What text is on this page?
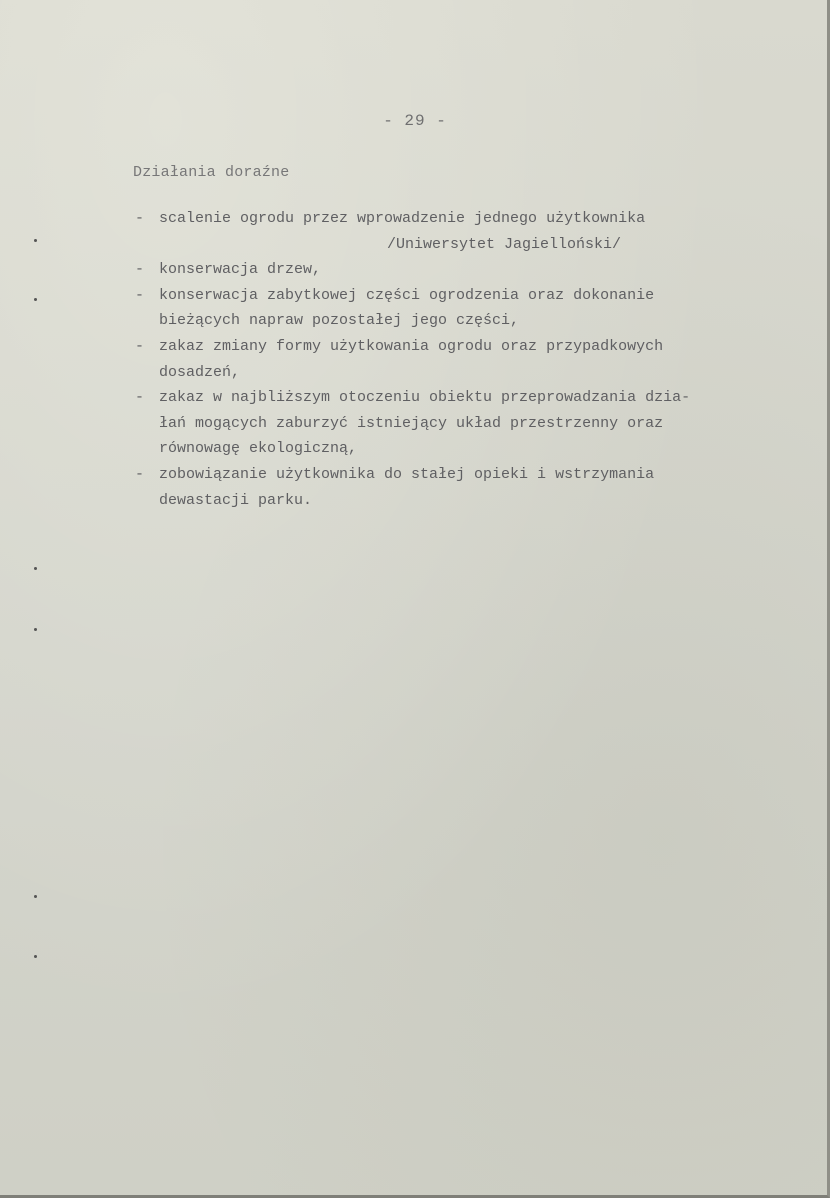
- 29 -
Działania doraźne
- scalenie ogrodu przez wprowadzenie jednego użytkownika
/Uniwersytet Jagielloński/
- konserwacja drzew,
- konserwacja zabytkowej części ogrodzenia oraz dokonanie
bieżących napraw pozostałej jego części,
- zakaz zmiany formy użytkowania ogrodu oraz przypadkowych
dosadzeń,
- zakaz w najbliższym otoczeniu obiektu przeprowadzania dzia-
łań mogących zaburzyć istniejący układ przestrzenny oraz
równowagę ekologiczną,
- zobowiązanie użytkownika do stałej opieki i wstrzymania
dewastacji parku.
